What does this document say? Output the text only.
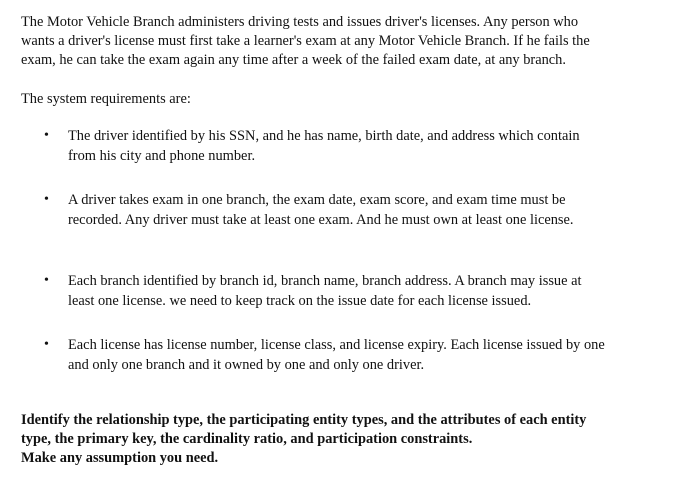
The Motor Vehicle Branch administers driving tests and issues driver's licenses. Any person who
wants a driver's license must first take a learner's exam at any Motor Vehicle Branch. If he fails the
exam, he can take the exam again any time after a week of the failed exam date, at any branch.
The system requirements are:
•	The driver identified by his SSN, and he has name, birth date, and address which contain
from his city and phone number.
•	A driver takes exam in one branch, the exam date, exam score, and exam time must be
recorded. Any driver must take at least one exam. And he must own at least one license.
•	Each branch identified by branch id, branch name, branch address. A branch may issue at
least one license. we need to keep track on the issue date for each license issued.
•	Each license has license number, license class, and license expiry. Each license issued by one
and only one branch and it owned by one and only one driver.
Identify the relationship type, the participating entity types, and the attributes of each entity
type, the primary key, the cardinality ratio, and participation constraints.
Make any assumption you need.
